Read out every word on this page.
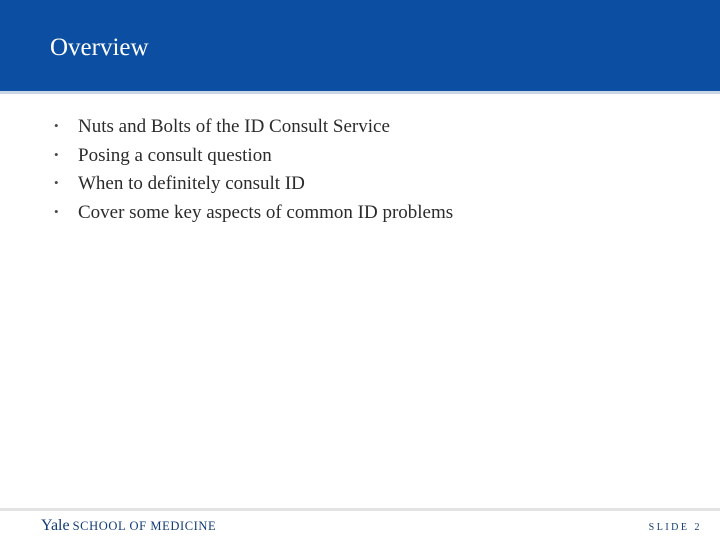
Overview
•	Nuts and Bolts of the ID Consult Service
•	Posing a consult question
•	When to definitely consult ID
•	Cover some key aspects of common ID problems
Yale SCHOOL OF MEDICINE	SLIDE 2
